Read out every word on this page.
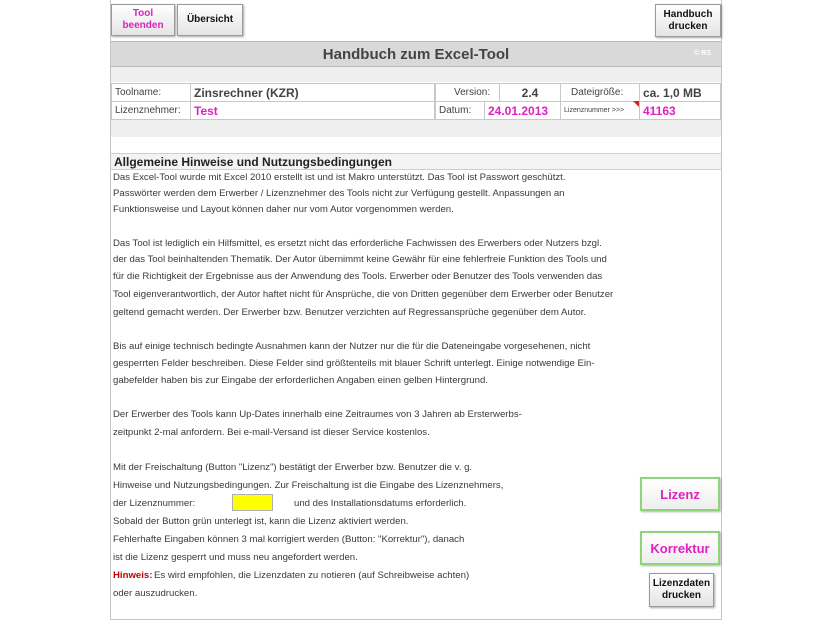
Tool
beenden
Übersicht	Handbuch
drucken
Handbuch zum Excel-Tool	© RS
Toolname:	Zinsrechner (KZR)	Version:	2.4	Dateigröße:	ca. 1,0 MB
Lizenznehmer:	Test	Datum:	24.01.2013	Lizenznummer >>>	41163
Allgemeine Hinweise und Nutzungsbedingungen
Das Excel-Tool wurde mit Excel 2010 erstellt ist und ist Makro unterstützt. Das Tool ist Passwort geschützt.
Passwörter werden dem Erwerber / Lizenznehmer des Tools nicht zur Verfügung gestellt. Anpassungen an
Funktionsweise und Layout können daher nur vom Autor vorgenommen werden.
Das Tool ist lediglich ein Hilfsmittel, es ersetzt nicht das erforderliche Fachwissen des Erwerbers oder Nutzers bzgl.
der das Tool beinhaltenden Thematik. Der Autor übernimmt keine Gewähr für eine fehlerfreie Funktion des Tools und
für die Richtigkeit der Ergebnisse aus der Anwendung des Tools. Erwerber oder Benutzer des Tools verwenden das
Tool eigenverantwortlich, der Autor haftet nicht für Ansprüche, die von Dritten gegenüber dem Erwerber oder Benutzer
geltend gemacht werden. Der Erwerber bzw. Benutzer verzichten auf Regressansprüche gegenüber dem Autor.
Bis auf einige technisch bedingte Ausnahmen kann der Nutzer nur die für die Dateneingabe vorgesehenen, nicht
gesperrten Felder beschreiben. Diese Felder sind größtenteils mit blauer Schrift unterlegt. Einige notwendige Ein-
gabefelder haben bis zur Eingabe der erforderlichen Angaben einen gelben Hintergrund.
Der Erwerber des Tools kann Up-Dates innerhalb eine Zeitraumes von 3 Jahren ab Ersterwerbs-
zeitpunkt 2-mal anfordern. Bei e-mail-Versand ist dieser Service kostenlos.
Mit der Freischaltung (Button "Lizenz") bestätigt der Erwerber bzw. Benutzer die v. g.
Hinweise und Nutzungsbedingungen. Zur Freischaltung ist die Eingabe des Lizenznehmers,
der Lizenznummer:	und des Installationsdatums erforderlich.
Sobald der Button grün unterlegt ist, kann die Lizenz aktiviert werden.
Fehlerhafte Eingaben können 3 mal korrigiert werden (Button: "Korrektur"), danach
ist die Lizenz gesperrt und muss neu angefordert werden.
Hinweis: Es wird empfohlen, die Lizenzdaten zu notieren (auf Schreibweise achten)
oder auszudrucken.
Lizenz
Korrektur
Lizenzdaten
drucken
